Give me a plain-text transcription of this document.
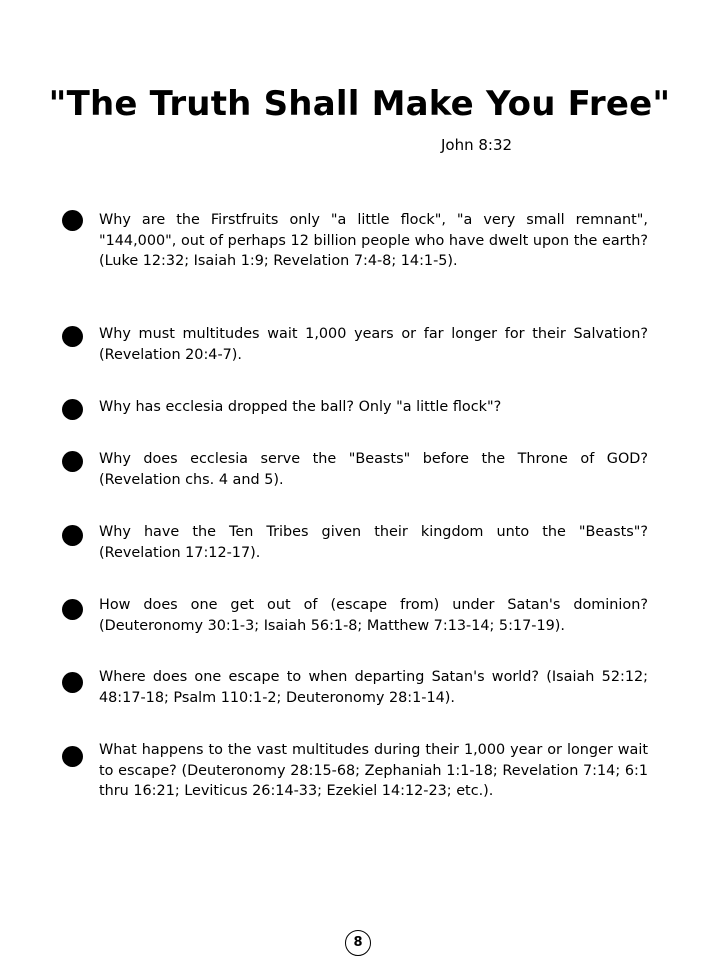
"The Truth Shall Make You Free"

John 8:32

Why are the Firstfruits only "a little flock", "a very small remnant", "144,000", out of perhaps 12 billion people who have dwelt upon the earth? (Luke 12:32; Isaiah 1:9; Revelation 7:4-8; 14:1-5).

Why must multitudes wait 1,000 years or far longer for their Salvation? (Revelation 20:4-7).

Why has ecclesia dropped the ball? Only "a little flock"?

Why does ecclesia serve the "Beasts" before the Throne of GOD? (Revelation chs. 4 and 5).

Why have the Ten Tribes given their kingdom unto the "Beasts"? (Revelation 17:12-17).

How does one get out of (escape from) under Satan's dominion? (Deuteronomy 30:1-3; Isaiah 56:1-8; Matthew 7:13-14; 5:17-19).

Where does one escape to when departing Satan's world? (Isaiah 52:12; 48:17-18; Psalm 110:1-2; Deuteronomy 28:1-14).

What happens to the vast multitudes during their 1,000 year or longer wait to escape? (Deuteronomy 28:15-68; Zephaniah 1:1-18; Revelation 7:14; 6:1 thru 16:21; Leviticus 26:14-33; Ezekiel 14:12-23; etc.).

8
